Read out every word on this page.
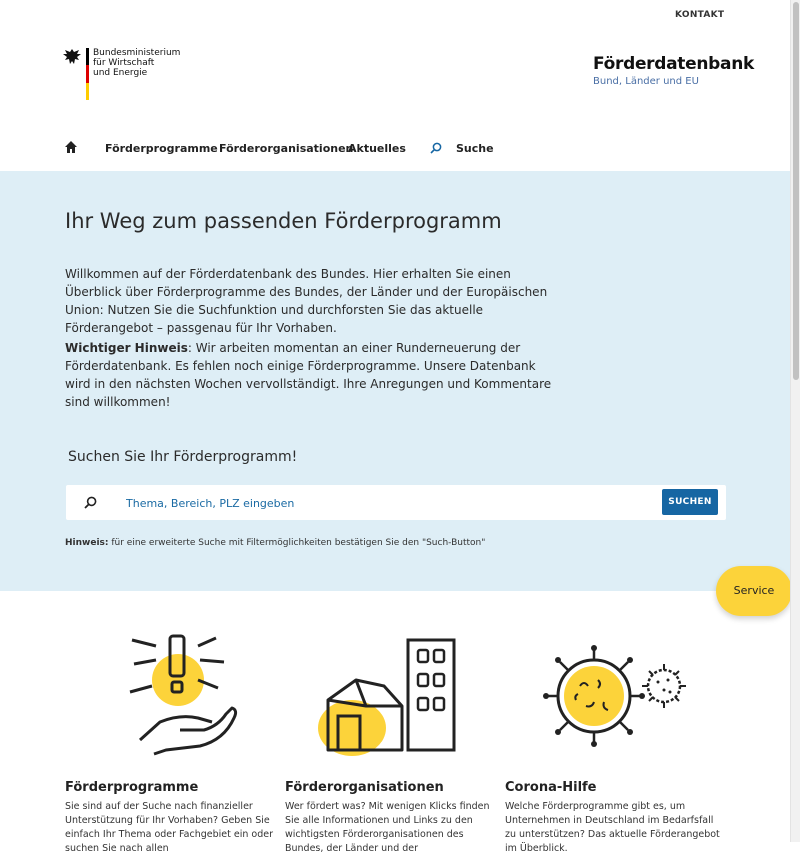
KONTAKT
Bundesministerium
für Wirtschaft
und Energie	Förderdatenbank
Bund, Länder und EU
Förderprogramme Förderorganisationen
Aktuelles	Suche
Ihr Weg zum passenden Förderprogramm

Willkommen auf der Förderdatenbank des Bundes. Hier erhalten Sie einen Überblick über Förderprogramme des Bundes, der Länder und der Europäischen Union: Nutzen Sie die Suchfunktion und durchforsten Sie das aktuelle Förderangebot – passgenau für Ihr Vorhaben.

Wichtiger Hinweis: Wir arbeiten momentan an einer Runderneuerung der Förderdatenbank. Es fehlen noch einige Förderprogramme. Unsere Datenbank wird in den nächsten Wochen vervollständigt. Ihre Anregungen und Kommentare sind willkommen!

Suchen Sie Ihr Förderprogramm!
Thema, Bereich, PLZ eingeben
SUCHEN
Hinweis: für eine erweiterte Suche mit Filtermöglichkeiten bestätigen Sie den "Such-Button"
Service
Förderprogramme
Sie sind auf der Suche nach finanzieller Unterstützung für Ihr Vorhaben? Geben Sie einfach Ihr Thema oder Fachgebiet ein oder suchen Sie nach allen
Förderorganisationen
Wer fördert was? Mit wenigen Klicks finden Sie alle Informationen und Links zu den wichtigsten Förderorganisationen des Bundes, der Länder und der
Corona-Hilfe
Welche Förderprogramme gibt es, um Unternehmen in Deutschland im Bedarfsfall zu unterstützen? Das aktuelle Förderangebot im Überblick.
